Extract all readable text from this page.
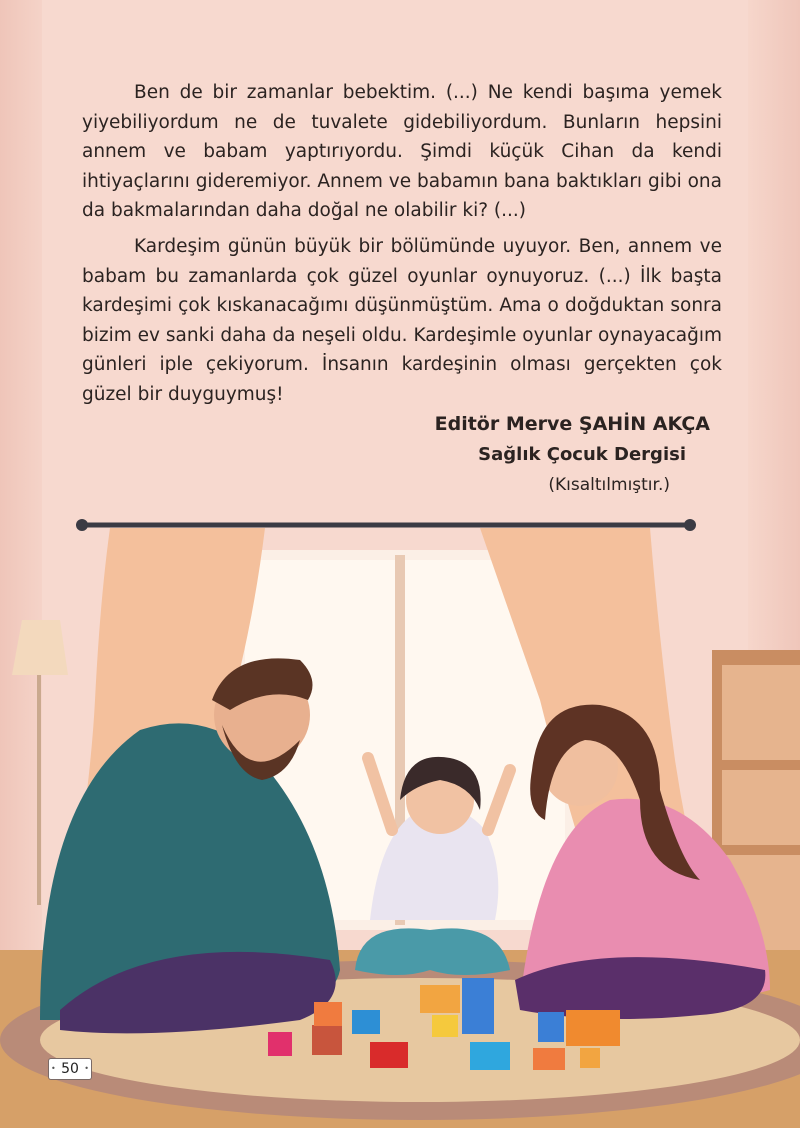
Ben de bir zamanlar bebektim. (...) Ne kendi başıma yemek yiyebiliyordum ne de tuvalete gidebiliyordum. Bunların hepsini annem ve babam yaptırıyordu. Şimdi küçük Cihan da kendi ihtiyaçlarını gideremiyor. Annem ve babamın bana baktıkları gibi ona da bakmalarından daha doğal ne olabilir ki? (...)

Kardeşim günün büyük bir bölümünde uyuyor. Ben, annem ve babam bu zamanlarda çok güzel oyunlar oynuyoruz. (...) İlk başta kardeşimi çok kıskanacağımı düşünmüştüm. Ama o doğduktan sonra bizim ev sanki daha da neşeli oldu. Kardeşimle oyunlar oynayacağım günleri iple çekiyorum. İnsanın kardeşinin olması gerçekten çok güzel bir duyguymuş!

Editör Merve ŞAHİN AKÇA
Sağlık Çocuk Dergisi
(Kısaltılmıştır.)
• 50 •
